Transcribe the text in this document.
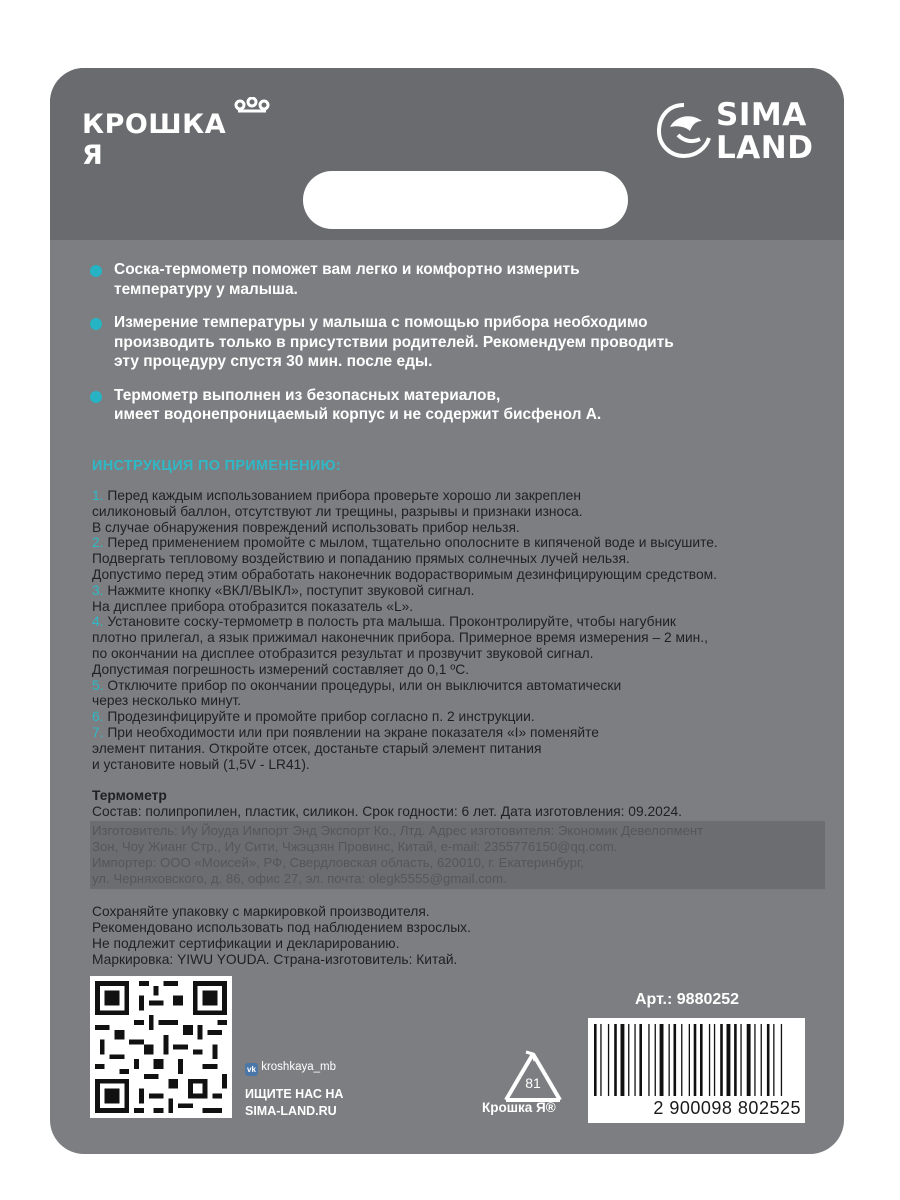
КРОШКА Я
SIMA
LAND
Соска-термометр поможет вам легко и комфортно измерить
температуру у малыша.
Измерение температуры у малыша с помощью прибора необходимо
производить только в присутствии родителей. Рекомендуем проводить
эту процедуру спустя 30 мин. после еды.
Термометр выполнен из безопасных материалов,
имеет водонепроницаемый корпус и не содержит бисфенол А.
ИНСТРУКЦИЯ ПО ПРИМЕНЕНИЮ:
1. Перед каждым использованием прибора проверьте хорошо ли закреплен
силиконовый баллон, отсутствуют ли трещины, разрывы и признаки износа.
В случае обнаружения повреждений использовать прибор нельзя.
2. Перед применением промойте с мылом, тщательно ополосните в кипяченой воде и высушите.
Подвергать тепловому воздействию и попаданию прямых солнечных лучей нельзя.
Допустимо перед этим обработать наконечник водорастворимым дезинфицирующим средством.
3. Нажмите кнопку «ВКЛ/ВЫКЛ», поступит звуковой сигнал.
На дисплее прибора отобразится показатель «L».
4. Установите соску-термометр в полость рта малыша. Проконтролируйте, чтобы нагубник
плотно прилегал, а язык прижимал наконечник прибора. Примерное время измерения – 2 мин.,
по окончании на дисплее отобразится результат и прозвучит звуковой сигнал.
Допустимая погрешность измерений составляет до 0,1 ºС.
5. Отключите прибор по окончании процедуры, или он выключится автоматически
через несколько минут.
6. Продезинфицируйте и промойте прибор согласно п. 2 инструкции.
7. При необходимости или при появлении на экране показателя «I» поменяйте
элемент питания. Откройте отсек, достаньте старый элемент питания
и установите новый (1,5V - LR41).
Термометр
Состав: полипропилен, пластик, силикон. Срок годности: 6 лет. Дата изготовления: 09.2024.
Изготовитель: Иу Йоуда Импорт Энд Экспорт Ко., Лтд. Адрес изготовителя: Экономик Девелопмент
Зон, Чоу Жианг Стр., Иу Сити, Чжэцзян Провинс, Китай, e-mail: 2355776150@qq.com.
Импортер: ООО «Моисей», РФ, Свердловская область, 620010, г. Екатеринбург,
ул. Черняховского, д. 86, офис 27, эл. почта: olegk5555@gmail.com.
Сохраняйте упаковку с маркировкой производителя.
Рекомендовано использовать под наблюдением взрослых.
Не подлежит сертификации и декларированию.
Маркировка: YIWU YOUDA. Страна-изготовитель: Китай.
vk kroshkaya_mb
ИЩИТЕ НАС НА
SIMA-LAND.RU
81
Крошка Я®
Арт.: 9880252
2 900098 802525
